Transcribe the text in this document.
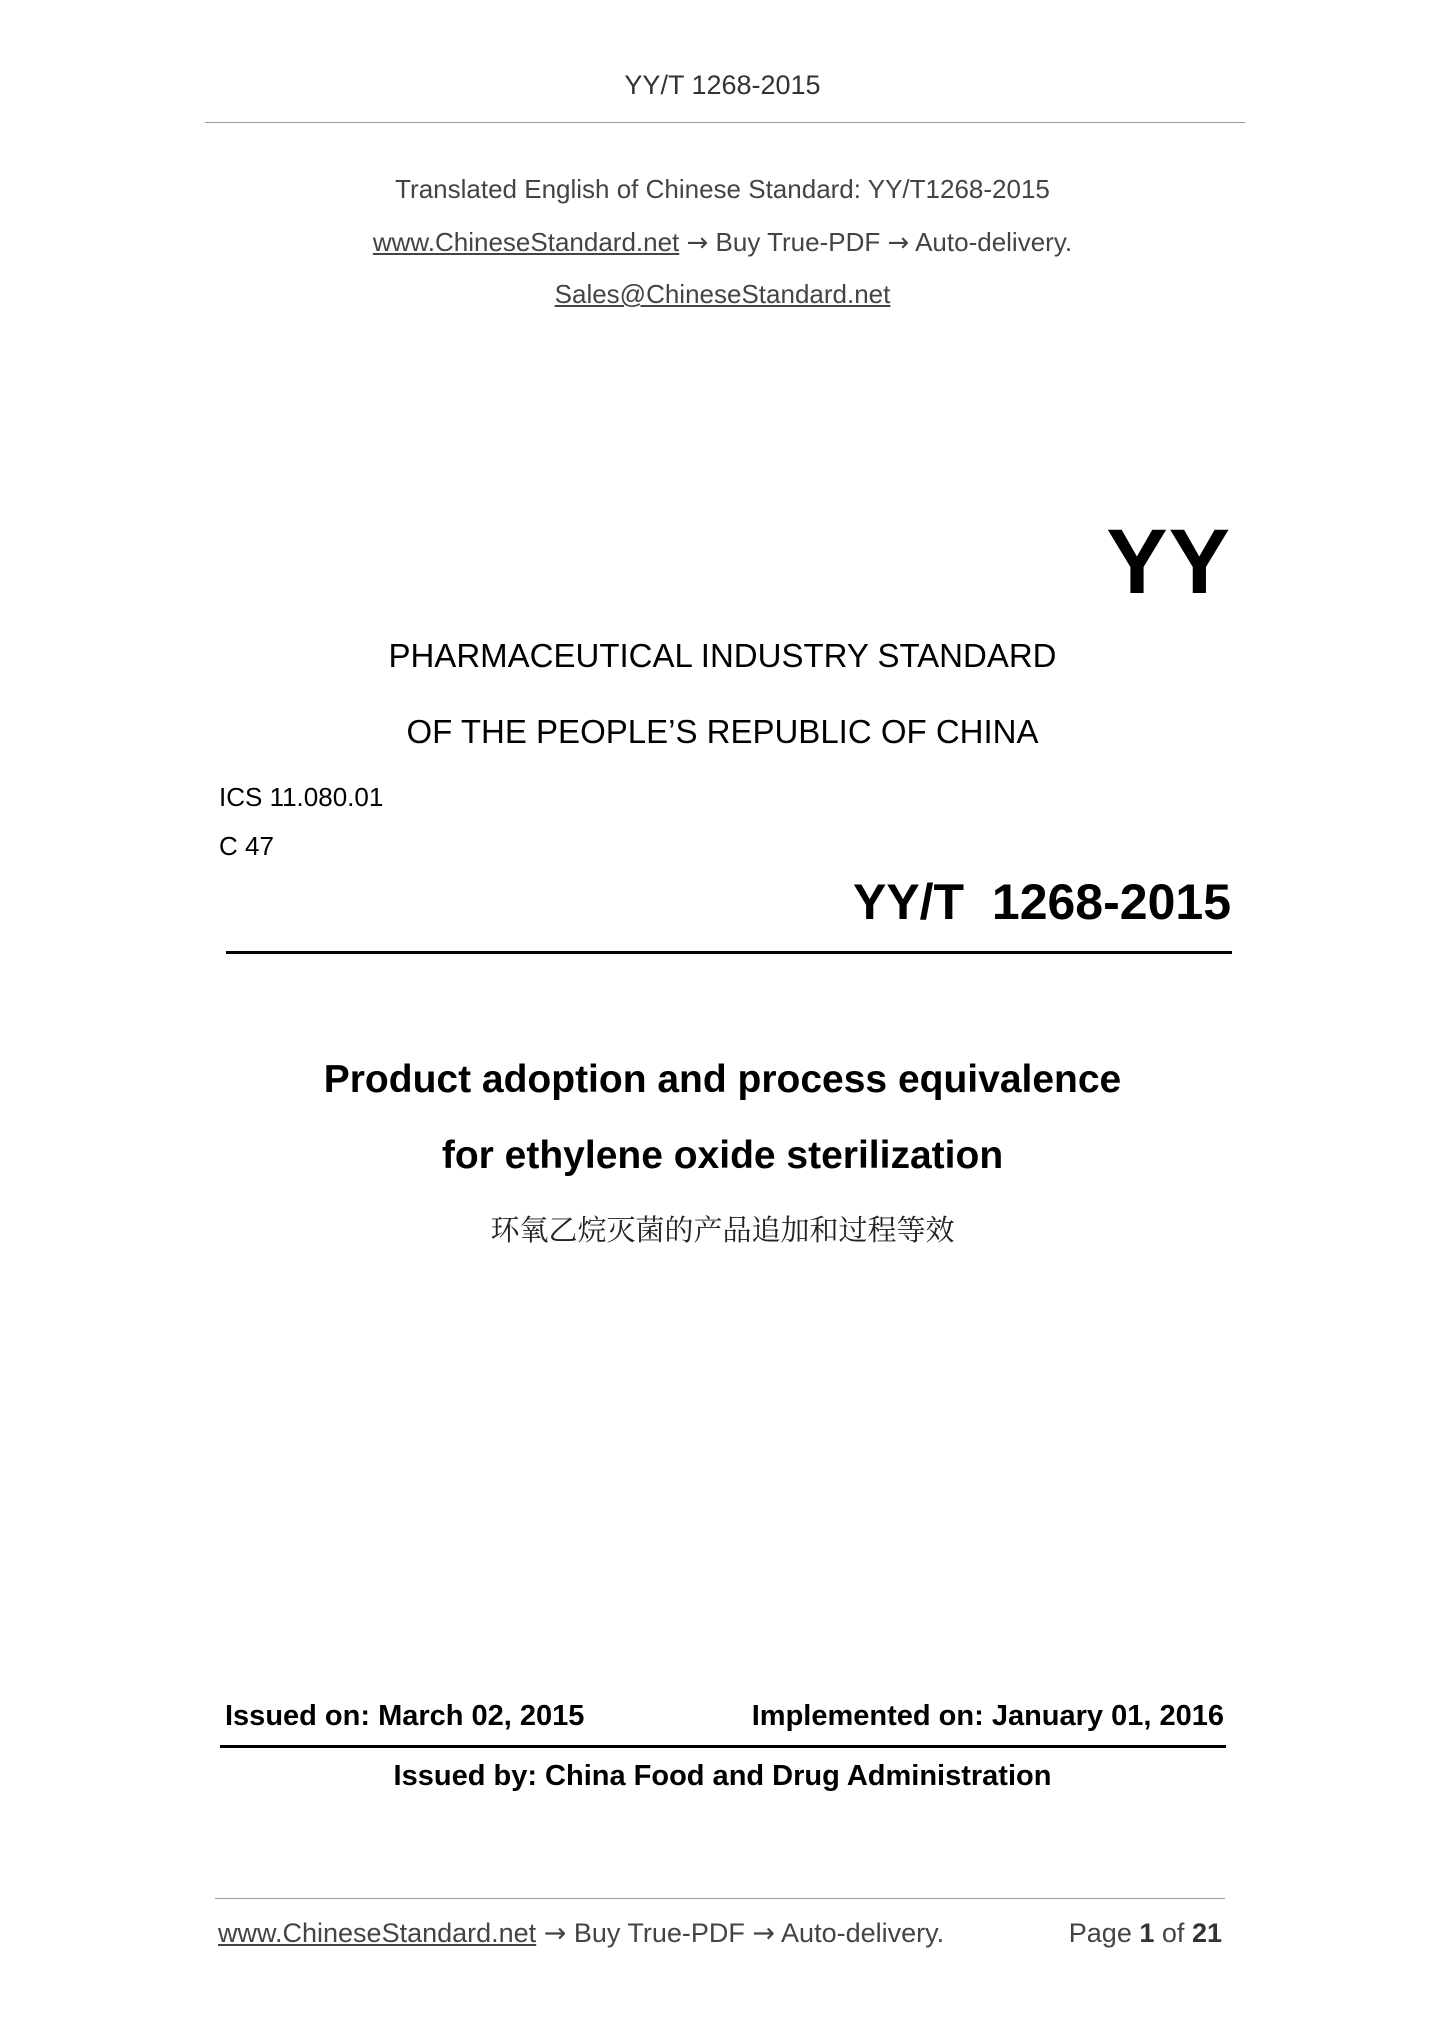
YY/T 1268-2015
Translated English of Chinese Standard: YY/T1268-2015
www.ChineseStandard.net → Buy True-PDF → Auto-delivery.
Sales@ChineseStandard.net
YY
PHARMACEUTICAL INDUSTRY STANDARD
OF THE PEOPLE’S REPUBLIC OF CHINA
ICS 11.080.01
C 47
YY/T  1268-2015
Product adoption and process equivalence
for ethylene oxide sterilization
环氧乙烷灭菌的产品追加和过程等效
Issued on: March 02, 2015	Implemented on: January 01, 2016
Issued by: China Food and Drug Administration
www.ChineseStandard.net → Buy True-PDF → Auto-delivery.	Page 1 of 21
